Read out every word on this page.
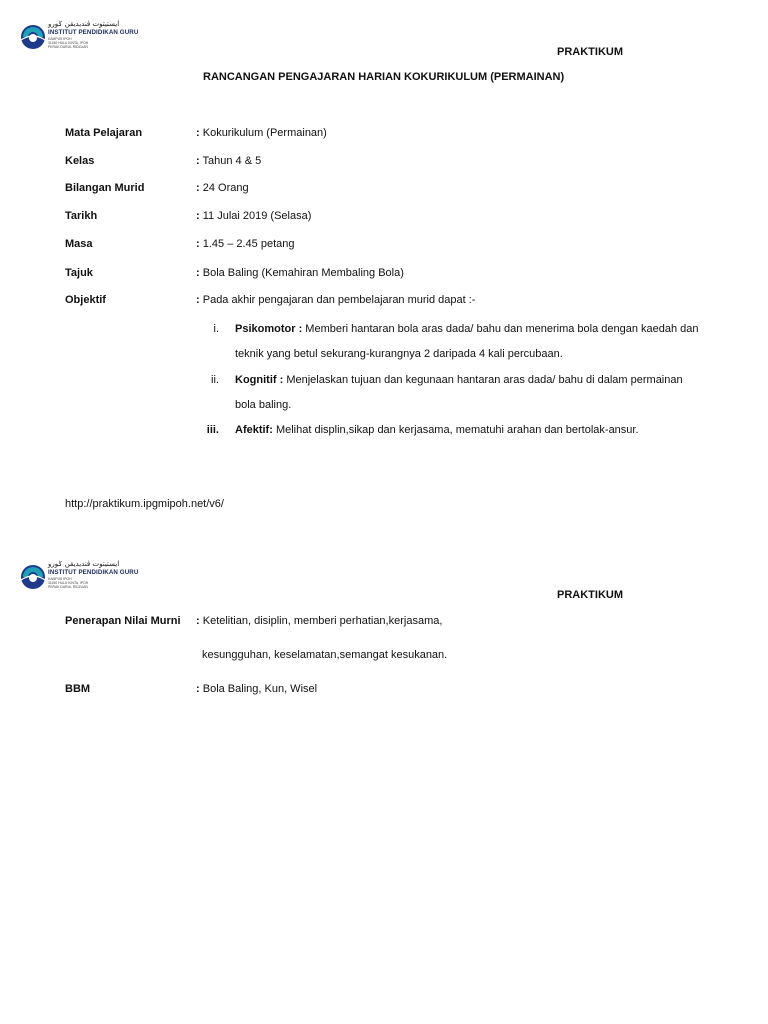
ايستيتوت ڤنديديقن ݢورو
INSTITUT PENDIDIKAN GURU
KAMPUS IPOH
31150 HULU KINTA, IPOH
PERAK DARUL RIDZUAN	PRAKTIKUM
RANCANGAN PENGAJARAN HARIAN KOKURIKULUM (PERMAINAN)
Mata Pelajaran	: Kokurikulum (Permainan)
Kelas	: Tahun 4 & 5
Bilangan Murid	: 24 Orang
Tarikh	: 11 Julai 2019 (Selasa)
Masa	: 1.45 – 2.45 petang
Tajuk	: Bola Baling (Kemahiran Membaling Bola)
Objektif	: Pada akhir pengajaran dan pembelajaran murid dapat :-
i. Psikomotor : Memberi hantaran bola aras dada/ bahu dan menerima bola dengan kaedah dan
teknik yang betul sekurang-kurangnya 2 daripada 4 kali percubaan.
ii. Kognitif : Menjelaskan tujuan dan kegunaan hantaran aras dada/ bahu di dalam permainan
bola baling.
iii. Afektif: Melihat displin,sikap dan kerjasama, mematuhi arahan dan bertolak-ansur.
http://praktikum.ipgmipoh.net/v6/
ايستيتوت ڤنديديقن ݢورو
INSTITUT PENDIDIKAN GURU
KAMPUS IPOH
31150 HULU KINTA, IPOH
PERAK DARUL RIDZUAN
PRAKTIKUM
Penerapan Nilai Murni : Ketelitian, disiplin, memberi perhatian,kerjasama,
kesungguhan, keselamatan,semangat kesukanan.
BBM	: Bola Baling, Kun, Wisel
